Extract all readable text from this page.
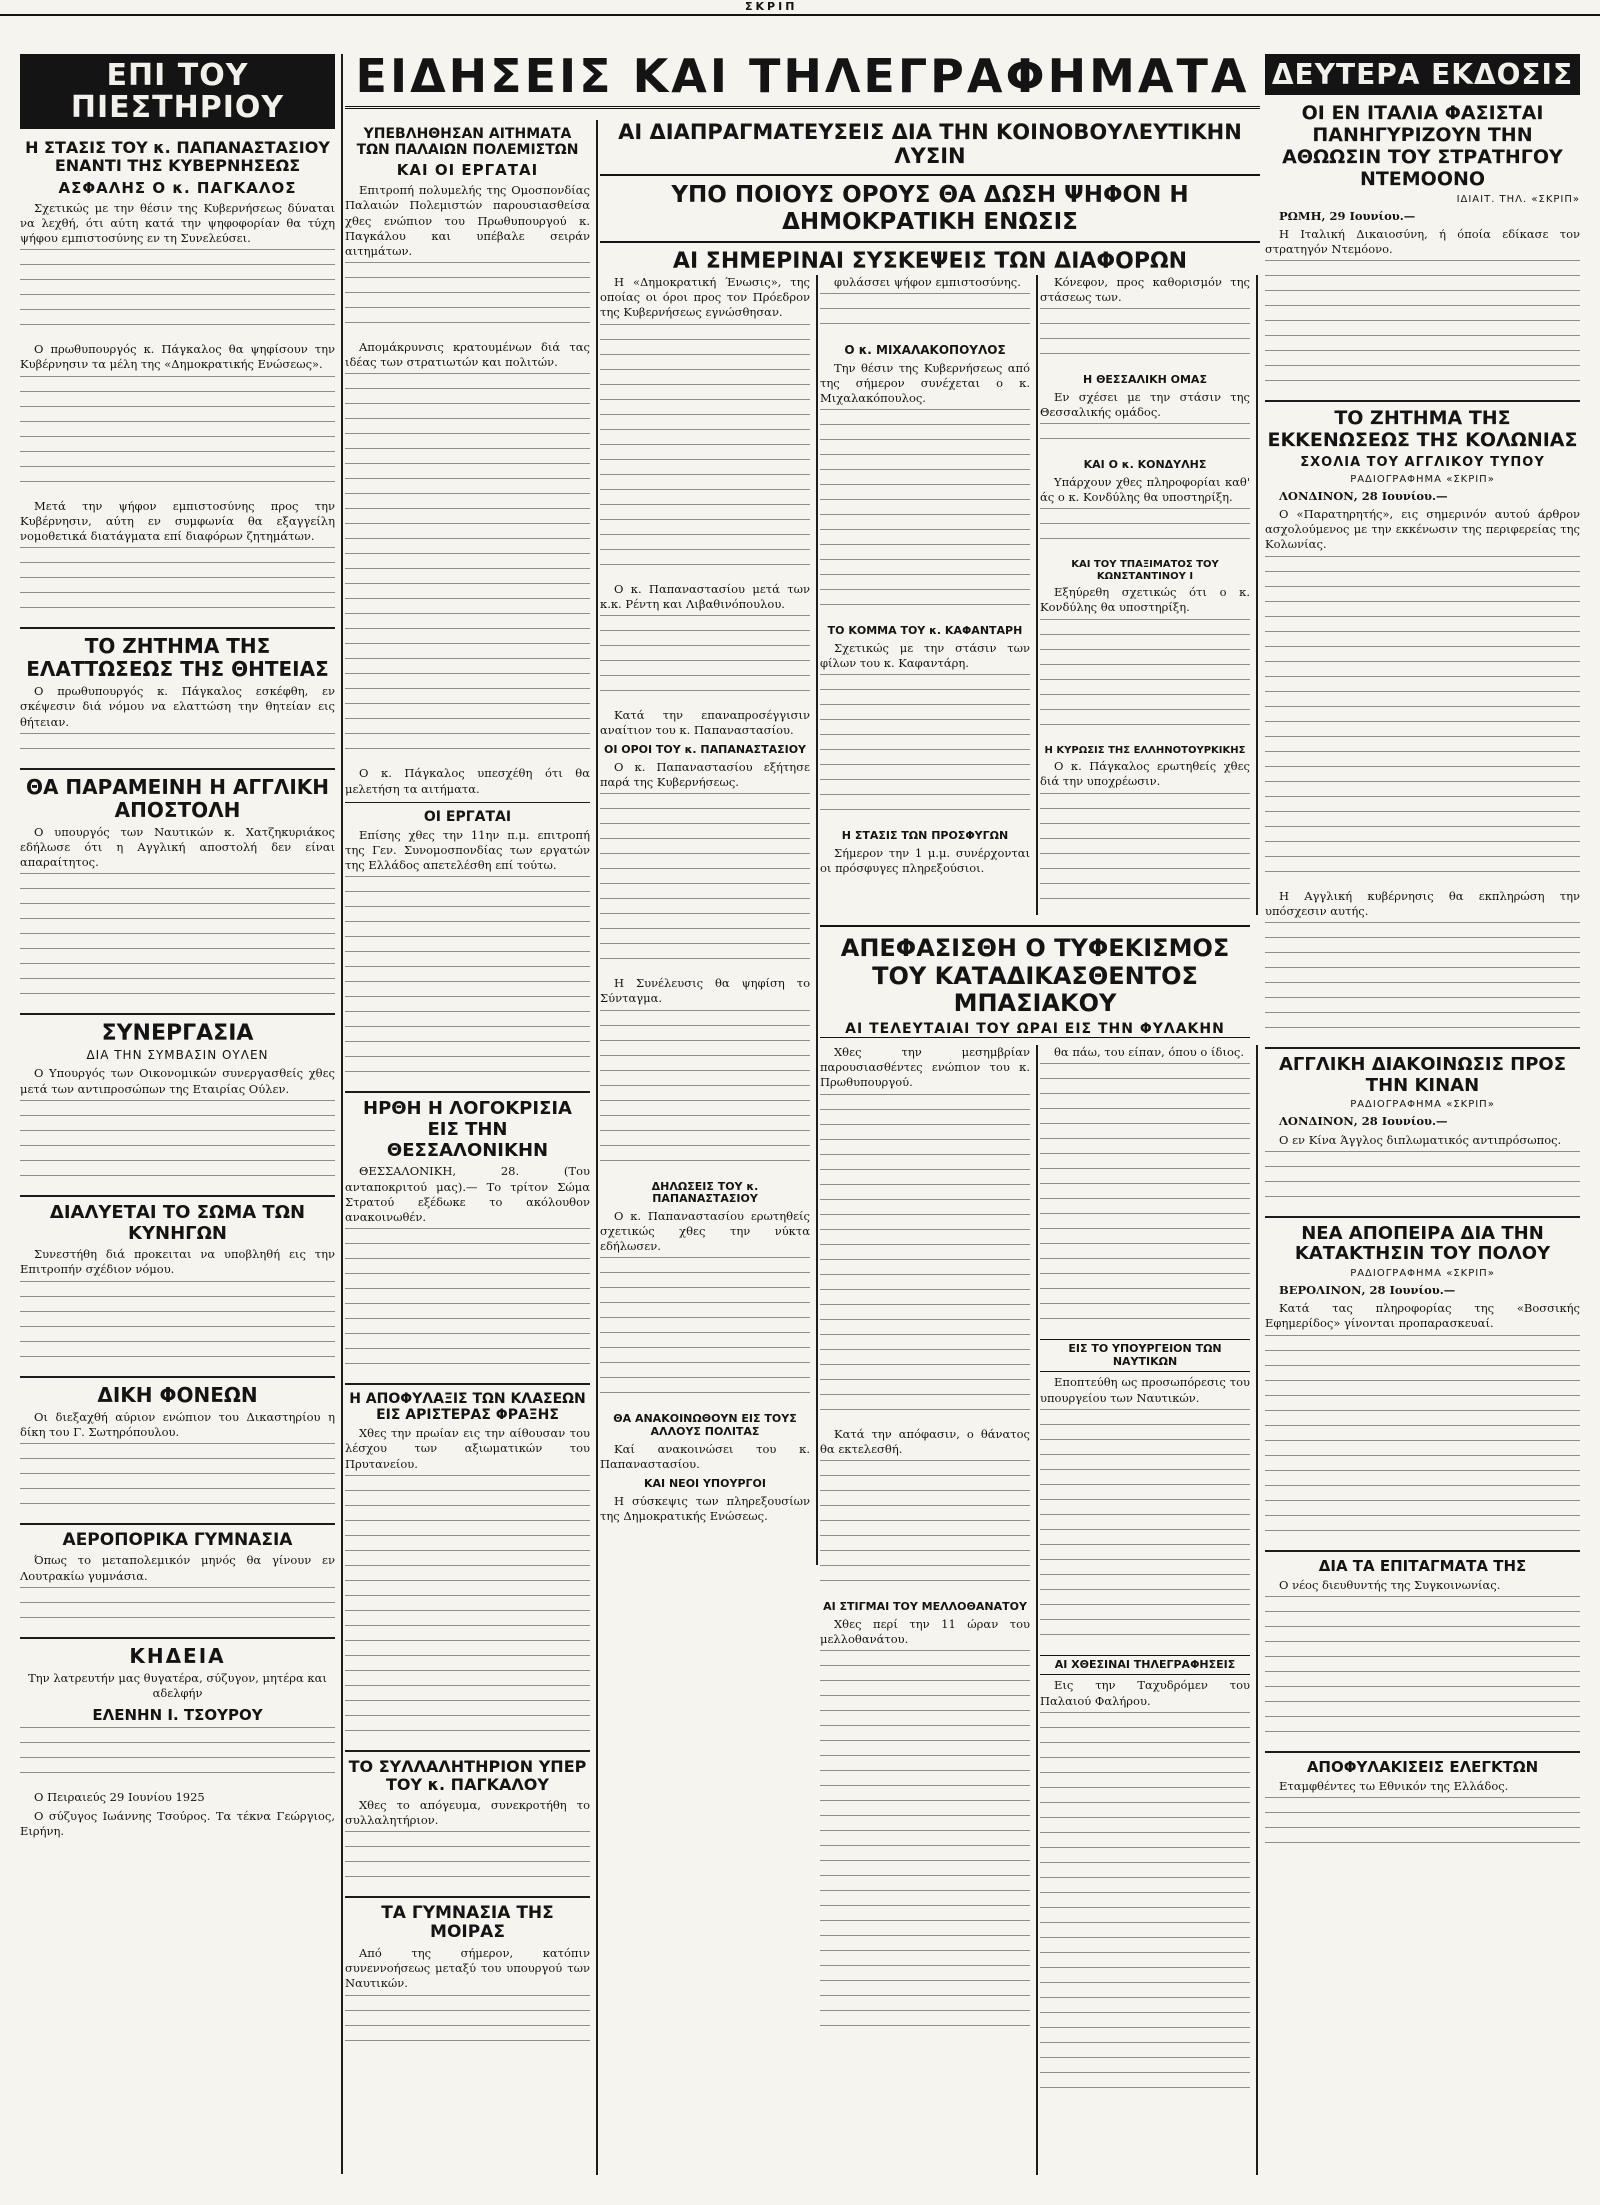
ΣΚΡΙΠ
ΕΠΙ ΤΟΥ ΠΙΕΣΤΗΡΙΟΥ
Η ΣΤΑΣΙΣ ΤΟΥ κ. ΠΑΠΑΝΑΣΤΑΣΙΟΥ ΕΝΑΝΤΙ ΤΗΣ ΚΥΒΕΡΝΗΣΕΩΣ
ΑΣΦΑΛΗΣ Ο κ. ΠΑΓΚΑΛΟΣ

Σχετικώς με την θέσιν της Κυβερνήσεως δύναται να λεχθή, ότι αύτη κατά την ψηφοφορίαν θα τύχη ψήφου εμπιστοσύνης εν τη Συνελεύσει.

Ο πρωθυπουργός κ. Πάγκαλος θα ψηφίσουν την Κυβέρνησιν τα μέλη της «Δημοκρατικής Ενώσεως».

Μετά την ψήφον εμπιστοσύνης προς την Κυβέρνησιν, αύτη εν συμφωνία θα εξαγγείλη νομοθετικά διατάγματα επί διαφόρων ζητημάτων.

ΤΟ ΖΗΤΗΜΑ ΤΗΣ ΕΛΑΤΤΩΣΕΩΣ ΤΗΣ ΘΗΤΕΙΑΣ

Ο πρωθυπουργός κ. Πάγκαλος εσκέφθη, εν σκέψεσιν διά νόμου να ελαττώση την θητείαν εις θήτειαν.

ΘΑ ΠΑΡΑΜΕΙΝΗ Η ΑΓΓΛΙΚΗ ΑΠΟΣΤΟΛΗ

Ο υπουργός των Ναυτικών κ. Χατζηκυριάκος εδήλωσε ότι η Αγγλική αποστολή δεν είναι απαραίτητος.

ΣΥΝΕΡΓΑΣΙΑ
ΔΙΑ ΤΗΝ ΣΥΜΒΑΣΙΝ ΟΥΛΕΝ

Ο Υπουργός των Οικονομικών συνεργασθείς χθες μετά των αντιπροσώπων της Εταιρίας Ούλεν.

ΔΙΑΛΥΕΤΑΙ ΤΟ ΣΩΜΑ ΤΩΝ ΚΥΝΗΓΩΝ

Συνεστήθη διά προκειται να υποβληθή εις την Επιτροπήν σχέδιον νόμου.

ΔΙΚΗ ΦΟΝΕΩΝ

Οι διεξαχθή αύριον ενώπιον του Δικαστηρίου η δίκη του Γ. Σωτηρόπουλου.

ΑΕΡΟΠΟΡΙΚΑ ΓΥΜΝΑΣΙΑ

Όπως το μεταπολεμικόν μηνός θα γίνουν εν Λουτρακίω γυμνάσια.

ΚΗΔΕΙΑ

Την λατρευτήν μας θυγατέρα, σύζυγον, μητέρα και αδελφήν

ΕΛΕΝΗΝ Ι. ΤΣΟΥΡΟΥ

Ο Πειραιεύς 29 Ιουνίου 1925

Ο σύζυγος Ιωάννης Τσούρος. Τα τέκνα Γεώργιος, Ειρήνη.

ΕΙΔΗΣΕΙΣ ΚΑΙ ΤΗΛΕΓΡΑΦΗΜΑΤΑ
ΑΙ ΔΙΑΠΡΑΓΜΑΤΕΥΣΕΙΣ ΔΙΑ ΤΗΝ ΚΟΙΝΟΒΟΥΛΕΥΤΙΚΗΝ ΛΥΣΙΝ
ΥΠΟ ΠΟΙΟΥΣ ΟΡΟΥΣ ΘΑ ΔΩΣΗ ΨΗΦΟΝ Η ΔΗΜΟΚΡΑΤΙΚΗ ΕΝΩΣΙΣ
ΑΙ ΣΗΜΕΡΙΝΑΙ ΣΥΣΚΕΨΕΙΣ ΤΩΝ ΔΙΑΦΟΡΩΝ
ΥΠΕΒΛΗΘΗΣΑΝ ΑΙΤΗΜΑΤΑ ΤΩΝ ΠΑΛΑΙΩΝ ΠΟΛΕΜΙΣΤΩΝ
ΚΑΙ ΟΙ ΕΡΓΑΤΑΙ

Επιτροπή πολυμελής της Ομοσπονδίας Παλαιών Πολεμιστών παρουσιασθείσα χθες ενώπιον του Πρωθυπουργού κ. Παγκάλου και υπέβαλε σειράν αιτημάτων.

Απομάκρυνσις κρατουμένων διά τας ιδέας των στρατιωτών και πολιτών.

Ο κ. Πάγκαλος υπεσχέθη ότι θα μελετήση τα αιτήματα.

ΟΙ ΕΡΓΑΤΑΙ

Επίσης χθες την 11ην π.μ. επιτροπή της Γεν. Συνομοσπονδίας των εργατών της Ελλάδος απετελέσθη επί τούτω.

ΗΡΘΗ Η ΛΟΓΟΚΡΙΣΙΑ ΕΙΣ ΤΗΝ ΘΕΣΣΑΛΟΝΙΚΗΝ

ΘΕΣΣΑΛΟΝΙΚΗ, 28. (Του ανταποκριτού μας).— Το τρίτον Σώμα Στρατού εξέδωκε το ακόλουθον ανακοινωθέν.

Η ΑΠΟΦΥΛΑΞΙΣ ΤΩΝ ΚΛΑΣΕΩΝ ΕΙΣ ΑΡΙΣΤΕΡΑΣ ΦΡΑΞΗΣ

Χθες την πρωίαν εις την αίθουσαν του λέσχου των αξιωματικών του Πρυτανείου.

ΤΟ ΣΥΛΛΑΛΗΤΗΡΙΟΝ ΥΠΕΡ ΤΟΥ κ. ΠΑΓΚΑΛΟΥ

Χθες το απόγευμα, συνεκροτήθη το συλλαλητήριον.

ΤΑ ΓΥΜΝΑΣΙΑ ΤΗΣ ΜΟΙΡΑΣ

Από της σήμερον, κατόπιν συνεννοήσεως μεταξύ του υπουργού των Ναυτικών.

Η «Δημοκρατική Ένωσις», της οποίας οι όροι προς τον Πρόεδρον της Κυβερνήσεως εγνώσθησαν.

Ο κ. Παπαναστασίου μετά των κ.κ. Ρέντη και Λιβαθινόπουλου.

Κατά την επαναπροσέγγισιν αναίτιον του κ. Παπαναστασίου.

ΟΙ ΟΡΟΙ ΤΟΥ κ. ΠΑΠΑΝΑΣΤΑΣΙΟΥ

Ο κ. Παπαναστασίου εξήτησε παρά της Κυβερνήσεως.

Η Συνέλευσις θα ψηφίση το Σύνταγμα.

ΔΗΛΩΣΕΙΣ ΤΟΥ κ. ΠΑΠΑΝΑΣΤΑΣΙΟΥ

Ο κ. Παπαναστασίου ερωτηθείς σχετικώς χθες την νύκτα εδήλωσεν.

ΘΑ ΑΝΑΚΟΙΝΩΘΟΥΝ ΕΙΣ ΤΟΥΣ ΑΛΛΟΥΣ ΠΟΛΙΤΑΣ

Καί ανακοινώσει του κ. Παπαναστασίου.

ΚΑΙ ΝΕΟΙ ΥΠΟΥΡΓΟΙ

Η σύσκεψις των πληρεξουσίων της Δημοκρατικής Ενώσεως.

φυλάσσει ψήφον εμπιστοσύνης.

Ο κ. ΜΙΧΑΛΑΚΟΠΟΥΛΟΣ

Την θέσιν της Κυβερνήσεως από της σήμερον συνέχεται ο κ. Μιχαλακόπουλος.

ΤΟ ΚΟΜΜΑ ΤΟΥ κ. ΚΑΦΑΝΤΑΡΗ

Σχετικώς με την στάσιν των φίλων του κ. Καφαντάρη.

Η ΣΤΑΣΙΣ ΤΩΝ ΠΡΟΣΦΥΓΩΝ

Σήμερον την 1 μ.μ. συνέρχονται οι πρόσφυγες πληρεξούσιοι.

Κόνεφον, προς καθορισμόν της στάσεως των.

Η ΘΕΣΣΑΛΙΚΗ ΟΜΑΣ

Εν σχέσει με την στάσιν της Θεσσαλικής ομάδος.

ΚΑΙ Ο κ. ΚΟΝΔΥΛΗΣ

Υπάρχουν χθες πληροφορίαι καθ' άς ο κ. Κονδύλης θα υποστηρίξη.

ΚΑΙ ΤΟΥ ΤΠΑΞΙΜΑΤΟΣ ΤΟΥ ΚΩΝΣΤΑΝΤΙΝΟΥ Ι

Εξηύρεθη σχετικώς ότι ο κ. Κονδύλης θα υποστηρίξη.

Η ΚΥΡΩΣΙΣ ΤΗΣ ΕΛΛΗΝΟΤΟΥΡΚΙΚΗΣ

Ο κ. Πάγκαλος ερωτηθείς χθες διά την υποχρέωσιν.

ΑΠΕΦΑΣΙΣΘΗ Ο ΤΥΦΕΚΙΣΜΟΣ ΤΟΥ ΚΑΤΑΔΙΚΑΣΘΕΝΤΟΣ ΜΠΑΣΙΑΚΟΥ
ΑΙ ΤΕΛΕΥΤΑΙΑΙ ΤΟΥ ΩΡΑΙ ΕΙΣ ΤΗΝ ΦΥΛΑΚΗΝ

Χθες την μεσημβρίαν παρουσιασθέντες ενώπιον του κ. Πρωθυπουργού.

Κατά την απόφασιν, ο θάνατος θα εκτελεσθή.

ΑΙ ΣΤΙΓΜΑΙ ΤΟΥ ΜΕΛΛΟΘΑΝΑΤΟΥ

Χθες περί την 11 ώραν του μελλοθανάτου.

θα πάω, του είπαν, όπου ο ίδιος.

ΕΙΣ ΤΟ ΥΠΟΥΡΓΕΙΟΝ ΤΩΝ ΝΑΥΤΙΚΩΝ

Εποπτεύθη ως προσωπόρεσις του υπουργείου των Ναυτικών.

ΑΙ ΧΘΕΣΙΝΑΙ ΤΗΛΕΓΡΑΦΗΣΕΙΣ

Εις την Ταχυδρόμεν του Παλαιού Φαλήρου.

ΔΕΥΤΕΡΑ ΕΚΔΟΣΙΣ
ΟΙ ΕΝ ΙΤΑΛΙΑ ΦΑΣΙΣΤΑΙ ΠΑΝΗΓΥΡΙΖΟΥΝ ΤΗΝ ΑΘΩΩΣΙΝ ΤΟΥ ΣΤΡΑΤΗΓΟΥ ΝΤΕΜΟΟΝΟ
ΙΔΙΑΙΤ. ΤΗΛ. «ΣΚΡΙΠ»

ΡΩΜΗ, 29 Ιουνίου.—

Η Ιταλική Δικαιοσύνη, ή όποία εδίκασε τον στρατηγόν Ντεμόονο.

ΤΟ ΖΗΤΗΜΑ ΤΗΣ ΕΚΚΕΝΩΣΕΩΣ ΤΗΣ ΚΟΛΩΝΙΑΣ
ΣΧΟΛΙΑ ΤΟΥ ΑΓΓΛΙΚΟΥ ΤΥΠΟΥ
ΡΑΔΙΟΓΡΑΦΗΜΑ «ΣΚΡΙΠ»

ΛΟΝΔΙΝΟΝ, 28 Ιουνίου.—

Ο «Παρατηρητής», εις σημερινόν αυτού άρθρον ασχολούμενος με την εκκένωσιν της περιφερείας της Κολωνίας.

Η Αγγλική κυβέρνησις θα εκπληρώση την υπόσχεσιν αυτής.

ΑΓΓΛΙΚΗ ΔΙΑΚΟΙΝΩΣΙΣ ΠΡΟΣ ΤΗΝ ΚΙΝΑΝ
ΡΑΔΙΟΓΡΑΦΗΜΑ «ΣΚΡΙΠ»

ΛΟΝΔΙΝΟΝ, 28 Ιουνίου.—

Ο εν Κίνα Άγγλος διπλωματικός αντιπρόσωπος.

ΝΕΑ ΑΠΟΠΕΙΡΑ ΔΙΑ ΤΗΝ ΚΑΤΑΚΤΗΣΙΝ ΤΟΥ ΠΟΛΟΥ
ΡΑΔΙΟΓΡΑΦΗΜΑ «ΣΚΡΙΠ»

ΒΕΡΟΛΙΝΟΝ, 28 Ιουνίου.—

Κατά τας πληροφορίας της «Βοσσικής Εφημερίδος» γίνονται προπαρασκευαί.

ΔΙΑ ΤΑ ΕΠΙΤΑΓΜΑΤΑ ΤΗΣ

Ο νέος διευθυντής της Συγκοινωνίας.

ΑΠΟΦΥΛΑΚΙΣΕΙΣ ΕΛΕΓΚΤΩΝ

Εταμφθέντες τω Εθνικόν της Ελλάδος.
